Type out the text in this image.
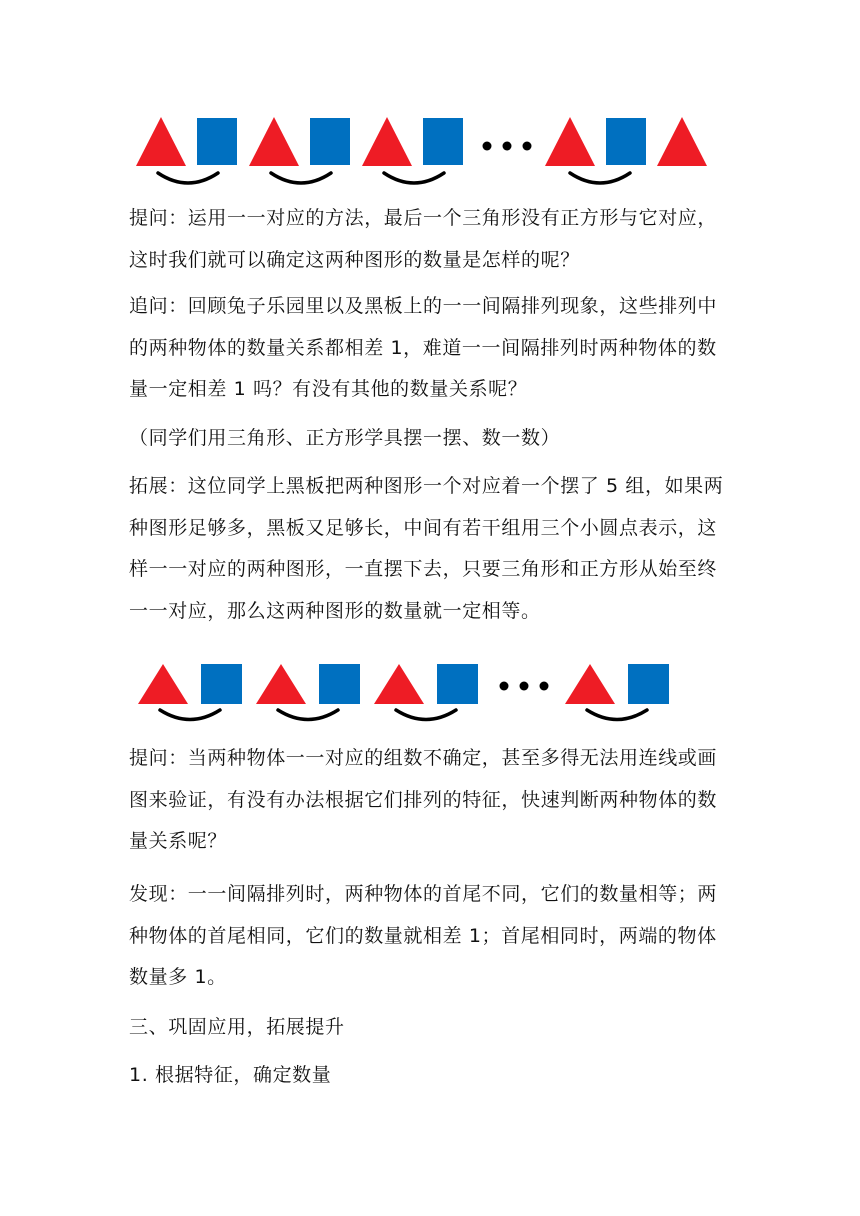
提问：运用一一对应的方法，最后一个三角形没有正方形与它对应，
这时我们就可以确定这两种图形的数量是怎样的呢？
追问：回顾兔子乐园里以及黑板上的一一间隔排列现象，这些排列中
的两种物体的数量关系都相差 1，难道一一间隔排列时两种物体的数
量一定相差 1 吗？有没有其他的数量关系呢？
（同学们用三角形、正方形学具摆一摆、数一数）
拓展：这位同学上黑板把两种图形一个对应着一个摆了 5 组，如果两
种图形足够多，黑板又足够长，中间有若干组用三个小圆点表示，这
样一一对应的两种图形，一直摆下去，只要三角形和正方形从始至终
一一对应，那么这两种图形的数量就一定相等。
提问：当两种物体一一对应的组数不确定，甚至多得无法用连线或画
图来验证，有没有办法根据它们排列的特征，快速判断两种物体的数
量关系呢？
发现：一一间隔排列时，两种物体的首尾不同，它们的数量相等；两
种物体的首尾相同，它们的数量就相差 1；首尾相同时，两端的物体
数量多 1。
三、巩固应用，拓展提升
1. 根据特征，确定数量
